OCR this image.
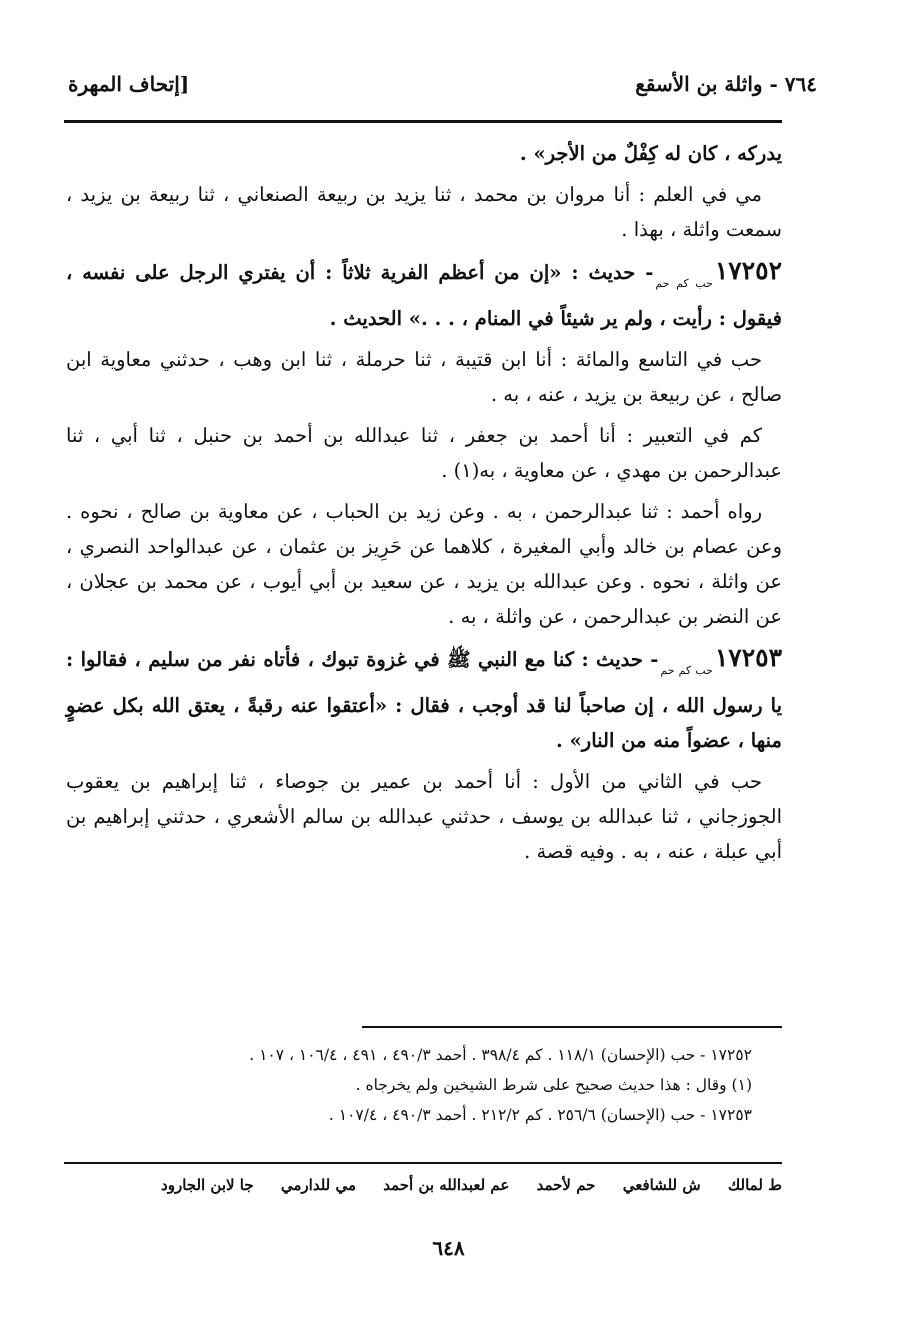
٧٦٤ - واثلة بن الأسقع
[إتحاف المهرة

يدركه ، كان له كِفْلٌ من الأجر» .

مي في العلم : أنا مروان بن محمد ، ثنا يزيد بن ربيعة الصنعاني ، ثنا ربيعة بن يزيد ، سمعت واثلة ، بهذا .

$١٧٢٥٢_{حب كم حم}-$ حديث : «إن من أعظم الفرية ثلاثاً : أن يفتري الرجل على نفسه ، فيقول : رأيت ، ولم ير شيئاً في المنام ، . . .» الحديث .

حب في التاسع والمائة : أنا ابن قتيبة ، ثنا حرملة ، ثنا ابن وهب ، حدثني معاوية ابن صالح ، عن ربيعة بن يزيد ، عنه ، به .

كم في التعبير : أنا أحمد بن جعفر ، ثنا عبدالله بن أحمد بن حنبل ، ثنا أبي ، ثنا عبدالرحمن بن مهدي ، عن معاوية ، به(١) .

رواه أحمد : ثنا عبدالرحمن ، به . وعن زيد بن الحباب ، عن معاوية بن صالح ، نحوه . وعن عصام بن خالد وأبي المغيرة ، كلاهما عن حَرِيز بن عثمان ، عن عبدالواحد النصري ، عن واثلة ، نحوه . وعن عبدالله بن يزيد ، عن سعيد بن أبي أيوب ، عن محمد بن عجلان ، عن النضر بن عبدالرحمن ، عن واثلة ، به .

$١٧٢٥٣_{حب كم حم}-$ حديث : كنا مع النبي ﷺ في غزوة تبوك ، فأتاه نفر من سليم ، فقالوا : يا رسول الله ، إن صاحباً لنا قد أوجب ، فقال : «أعتقوا عنه رقبةً ، يعتق الله بكل عضوٍ منها ، عضواً منه من النار» .

حب في الثاني من الأول : أنا أحمد بن عمير بن جوصاء ، ثنا إبراهيم بن يعقوب الجوزجاني ، ثنا عبدالله بن يوسف ، حدثني عبدالله بن سالم الأشعري ، حدثني إبراهيم بن أبي عبلة ، عنه ، به . وفيه قصة .

١٧٢٥٢ - حب (الإحسان) ١١٨/١ . كم ٣٩٨/٤ . أحمد ٤٩٠/٣ ، ٤٩١ ، ١٠٦/٤ ، ١٠٧ .

(١) وقال : هذا حديث صحيح على شرط الشيخين ولم يخرجاه .

١٧٢٥٣ - حب (الإحسان) ٢٥٦/٦ . كم ٢١٢/٢ . أحمد ٤٩٠/٣ ، ١٠٧/٤ .

ط لمالك ش للشافعي حم لأحمد عم لعبدالله بن أحمد مي للدارمي جا لابن الجارود
٦٤٨
